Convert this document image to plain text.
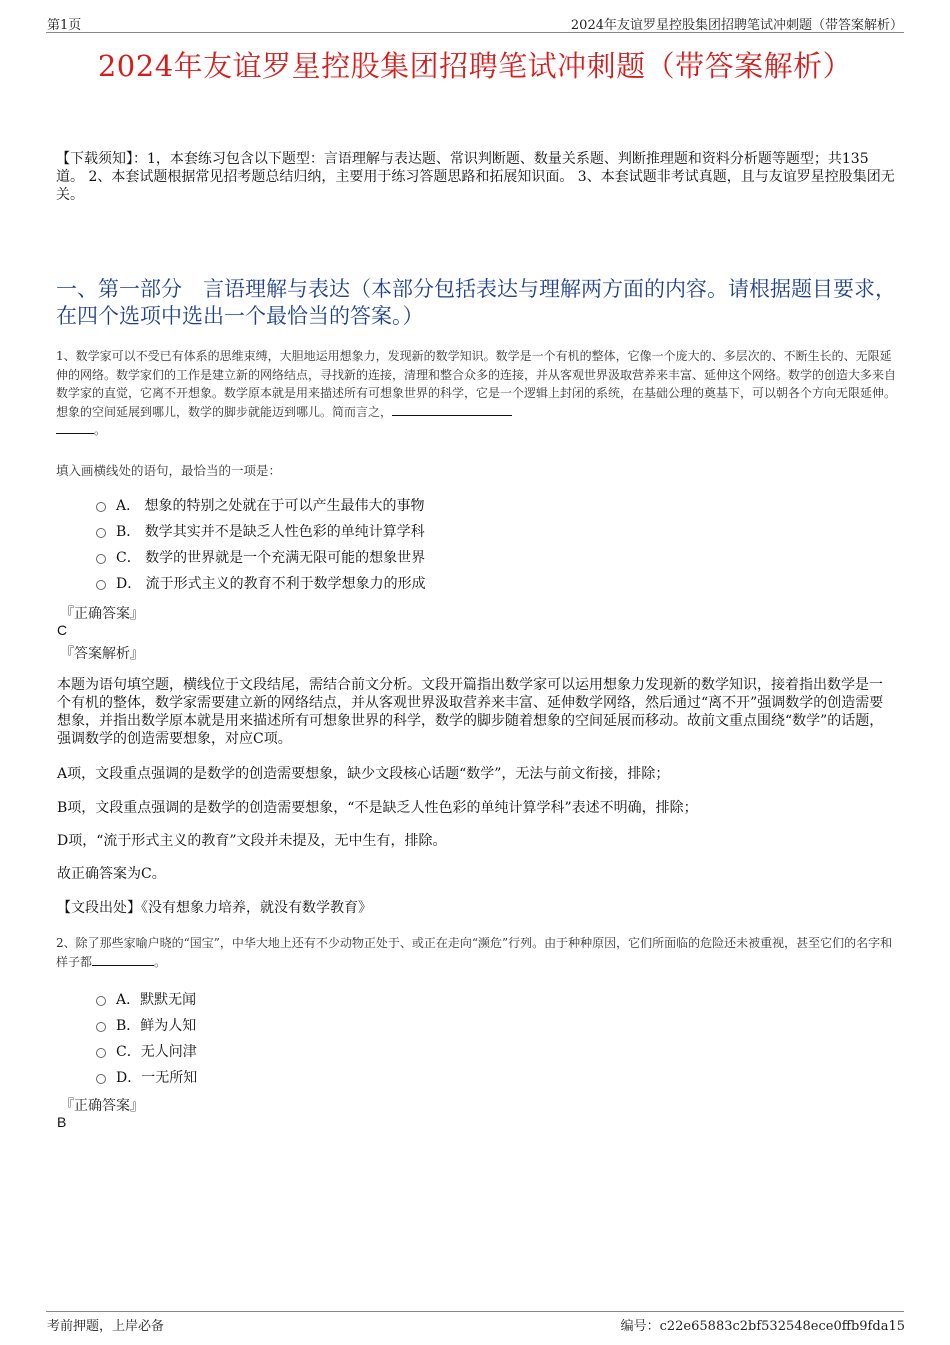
第1页	2024年友谊罗星控股集团招聘笔试冲刺题（带答案解析）
2024年友谊罗星控股集团招聘笔试冲刺题（带答案解析）
【下载须知】：1，本套练习包含以下题型：言语理解与表达题、常识判断题、数量关系题、判断推理题和资料分析题等题型；共135道。 2、本套试题根据常见招考题总结归纳，主要用于练习答题思路和拓展知识面。 3、本套试题非考试真题，且与友谊罗星控股集团无关。
一、第一部分　言语理解与表达（本部分包括表达与理解两方面的内容。请根据题目要求，在四个选项中选出一个最恰当的答案。）
1、数学家可以不受已有体系的思维束缚，大胆地运用想象力，发现新的数学知识。数学是一个有机的整体，它像一个庞大的、多层次的、不断生长的、无限延伸的网络。数学家们的工作是建立新的网络结点，寻找新的连接，清理和整合众多的连接，并从客观世界汲取营养来丰富、延伸这个网络。数学的创造大多来自数学家的直觉，它离不开想象。数学原本就是用来描述所有可想象世界的科学，它是一个逻辑上封闭的系统，在基础公理的奠基下，可以朝各个方向无限延伸。想象的空间延展到哪儿，数学的脚步就能迈到哪儿。简而言之，
。
填入画横线处的语句，最恰当的一项是：
A． 想象的特别之处就在于可以产生最伟大的事物
B． 数学其实并不是缺乏人性色彩的单纯计算学科
C． 数学的世界就是一个充满无限可能的想象世界
D． 流于形式主义的教育不利于数学想象力的形成
『正确答案』
C
『答案解析』
本题为语句填空题，横线位于文段结尾，需结合前文分析。文段开篇指出数学家可以运用想象力发现新的数学知识，接着指出数学是一个有机的整体，数学家需要建立新的网络结点，并从客观世界汲取营养来丰富、延伸数学网络，然后通过“离不开”强调数学的创造需要想象，并指出数学原本就是用来描述所有可想象世界的科学，数学的脚步随着想象的空间延展而移动。故前文重点围绕“数学”的话题，强调数学的创造需要想象，对应C项。
A项，文段重点强调的是数学的创造需要想象，缺少文段核心话题“数学”，无法与前文衔接，排除；
B项，文段重点强调的是数学的创造需要想象，“不是缺乏人性色彩的单纯计算学科”表述不明确，排除；
D项，“流于形式主义的教育”文段并未提及，无中生有，排除。
故正确答案为C。
【文段出处】《没有想象力培养，就没有数学教育》
2、除了那些家喻户晓的“国宝”，中华大地上还有不少动物正处于、或正在走向“濒危”行列。由于种种原因，它们所面临的危险还未被重视，甚至它们的名字和样子都	。
A．默默无闻
B．鲜为人知
C．无人问津
D．一无所知
『正确答案』
B
考前押题，上岸必备	编号：c22e65883c2bf532548ece0ffb9fda15
